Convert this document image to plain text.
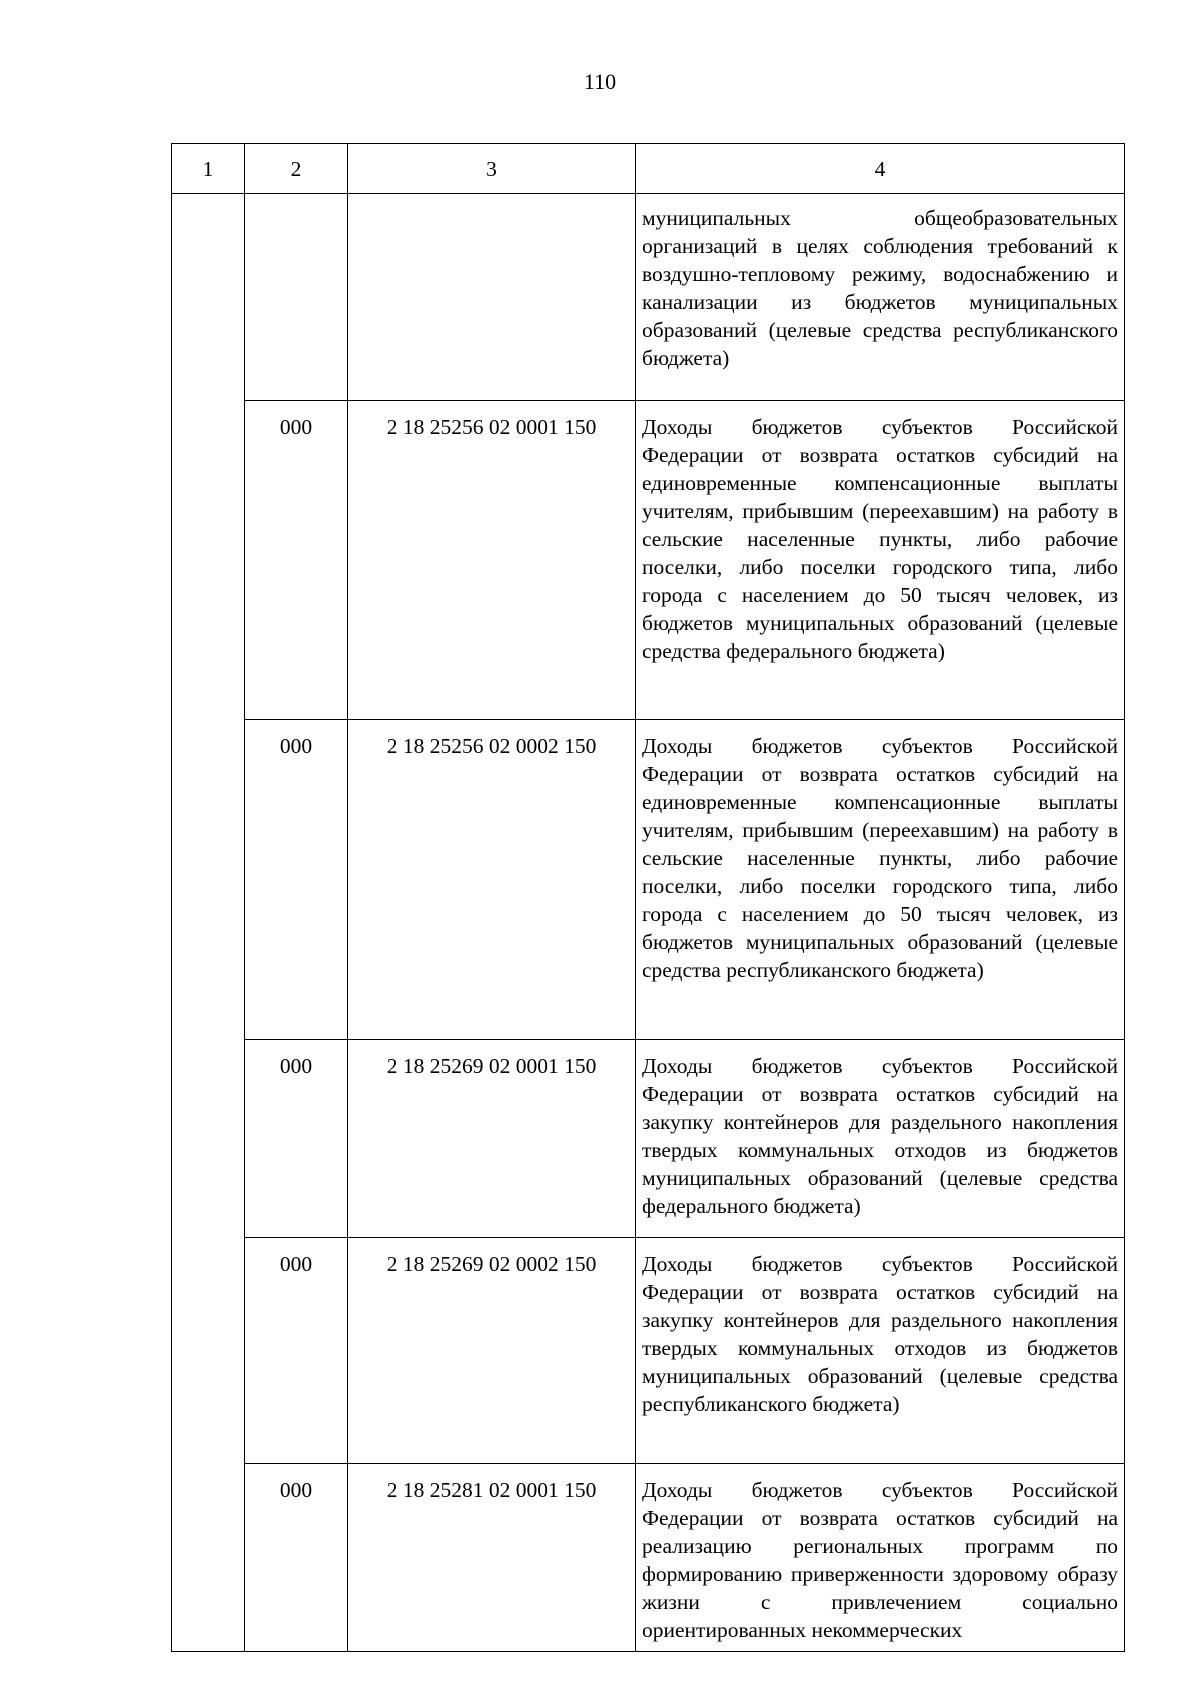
110
1	2	3	4
			муниципальных общеобразовательных организаций в целях соблюдения требований к воздушно-тепловому режиму, водоснабжению и канализации из бюджетов муниципальных образований (целевые средства республиканского бюджета)
	000	2 18 25256 02 0001 150	Доходы бюджетов субъектов Российской Федерации от возврата остатков субсидий на единовременные компенсационные выплаты учителям, прибывшим (переехавшим) на работу в сельские населенные пункты, либо рабочие поселки, либо поселки городского типа, либо города с населением до 50 тысяч человек, из бюджетов муниципальных образований (целевые средства федерального бюджета)
	000	2 18 25256 02 0002 150	Доходы бюджетов субъектов Российской Федерации от возврата остатков субсидий на единовременные компенсационные выплаты учителям, прибывшим (переехавшим) на работу в сельские населенные пункты, либо рабочие поселки, либо поселки городского типа, либо города с населением до 50 тысяч человек, из бюджетов муниципальных образований (целевые средства республиканского бюджета)
	000	2 18 25269 02 0001 150	Доходы бюджетов субъектов Российской Федерации от возврата остатков субсидий на закупку контейнеров для раздельного накопления твердых коммунальных отходов из бюджетов муниципальных образований (целевые средства федерального бюджета)
	000	2 18 25269 02 0002 150	Доходы бюджетов субъектов Российской Федерации от возврата остатков субсидий на закупку контейнеров для раздельного накопления твердых коммунальных отходов из бюджетов муниципальных образований (целевые средства республиканского бюджета)
	000	2 18 25281 02 0001 150	Доходы бюджетов субъектов Российской Федерации от возврата остатков субсидий на реализацию региональных программ по формированию приверженности здоровому образу жизни с привлечением социально ориентированных некоммерческих
